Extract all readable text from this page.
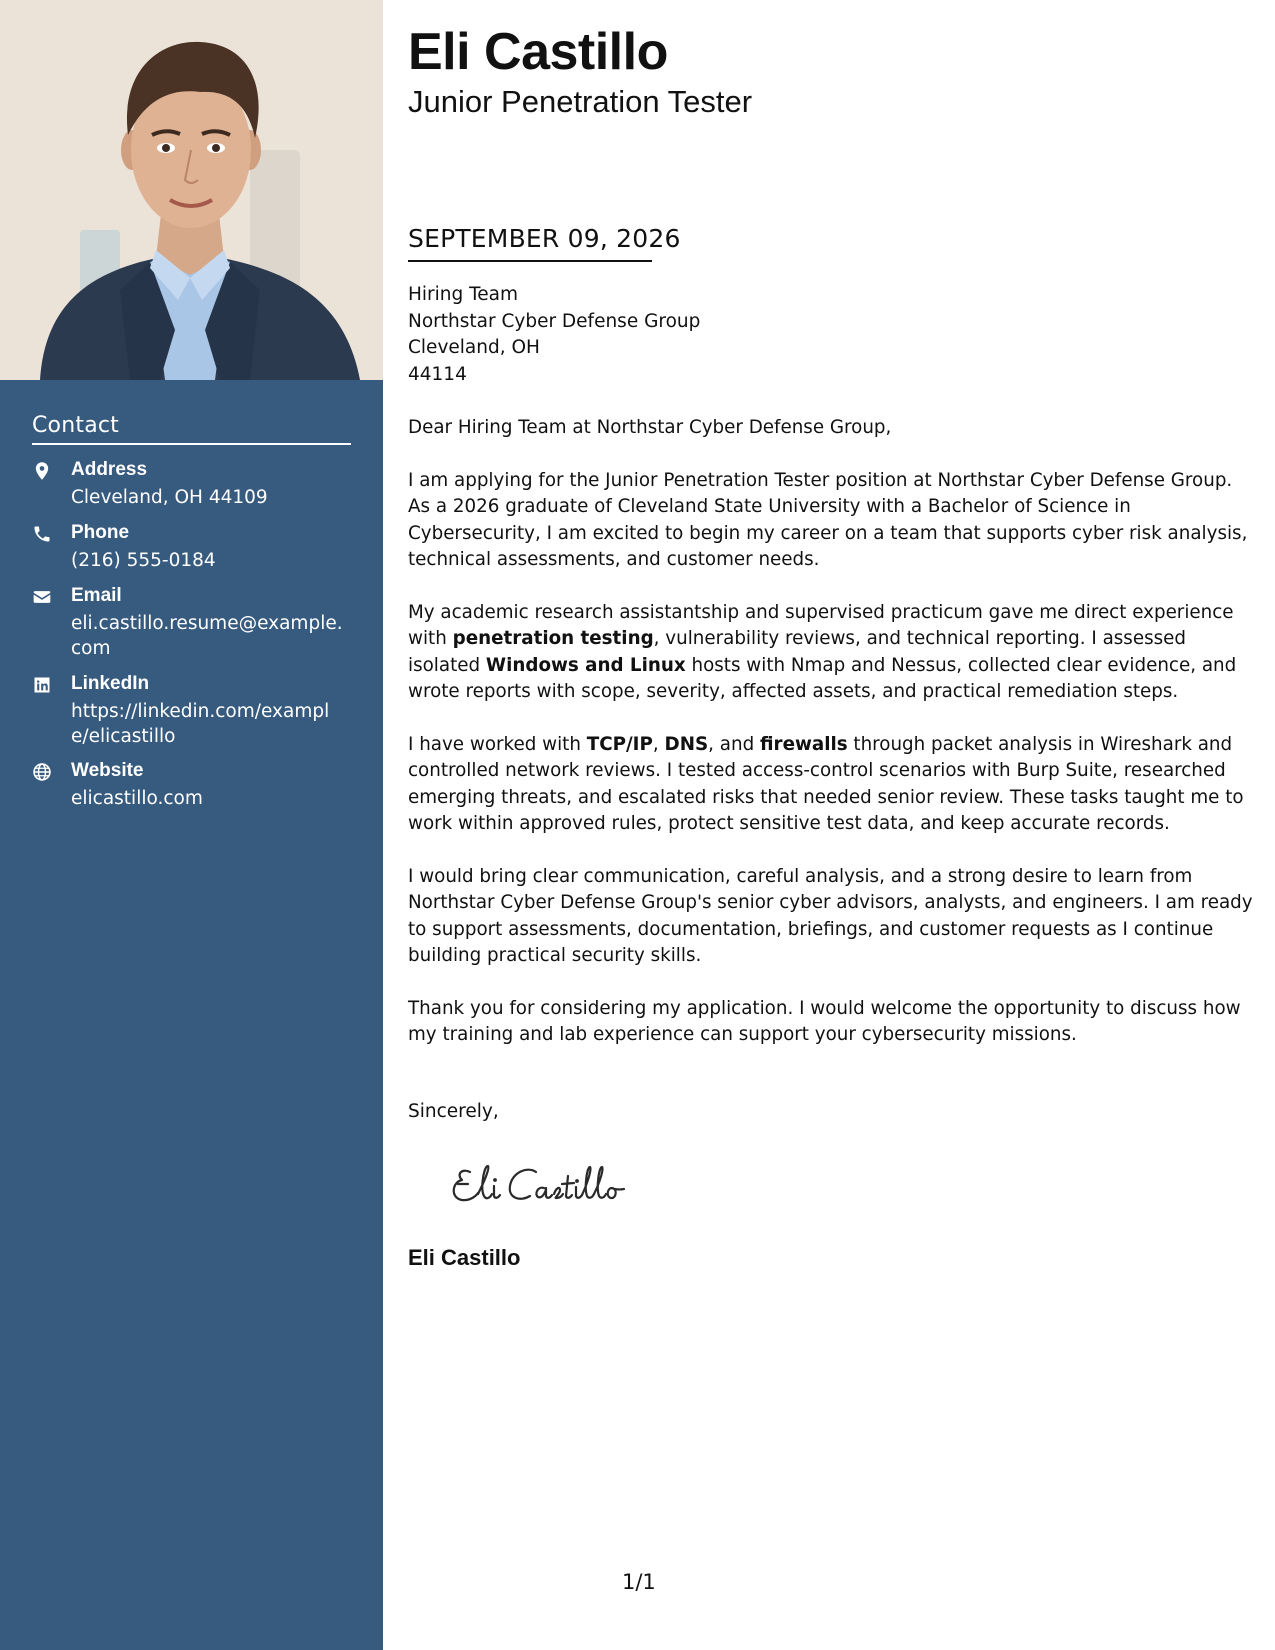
Contact
Address
Cleveland, OH 44109
Phone
(216) 555-0184
Email
eli.castillo.resume@example.com
LinkedIn
https://linkedin.com/example/elicastillo
Website
elicastillo.com
Eli Castillo
Junior Penetration Tester
SEPTEMBER 09, 2026
Hiring Team
Northstar Cyber Defense Group
Cleveland, OH
44114

Dear Hiring Team at Northstar Cyber Defense Group,

I am applying for the Junior Penetration Tester position at Northstar Cyber Defense Group. As a 2026 graduate of Cleveland State University with a Bachelor of Science in Cybersecurity, I am excited to begin my career on a team that supports cyber risk analysis, technical assessments, and customer needs.

My academic research assistantship and supervised practicum gave me direct experience with penetration testing, vulnerability reviews, and technical reporting. I assessed isolated Windows and Linux hosts with Nmap and Nessus, collected clear evidence, and wrote reports with scope, severity, affected assets, and practical remediation steps.

I have worked with TCP/IP, DNS, and firewalls through packet analysis in Wireshark and controlled network reviews. I tested access-control scenarios with Burp Suite, researched emerging threats, and escalated risks that needed senior review. These tasks taught me to work within approved rules, protect sensitive test data, and keep accurate records.

I would bring clear communication, careful analysis, and a strong desire to learn from Northstar Cyber Defense Group's senior cyber advisors, analysts, and engineers. I am ready to support assessments, documentation, briefings, and customer requests as I continue building practical security skills.

Thank you for considering my application. I would welcome the opportunity to discuss how my training and lab experience can support your cybersecurity missions.

Sincerely,
Eli Castillo
1/1
